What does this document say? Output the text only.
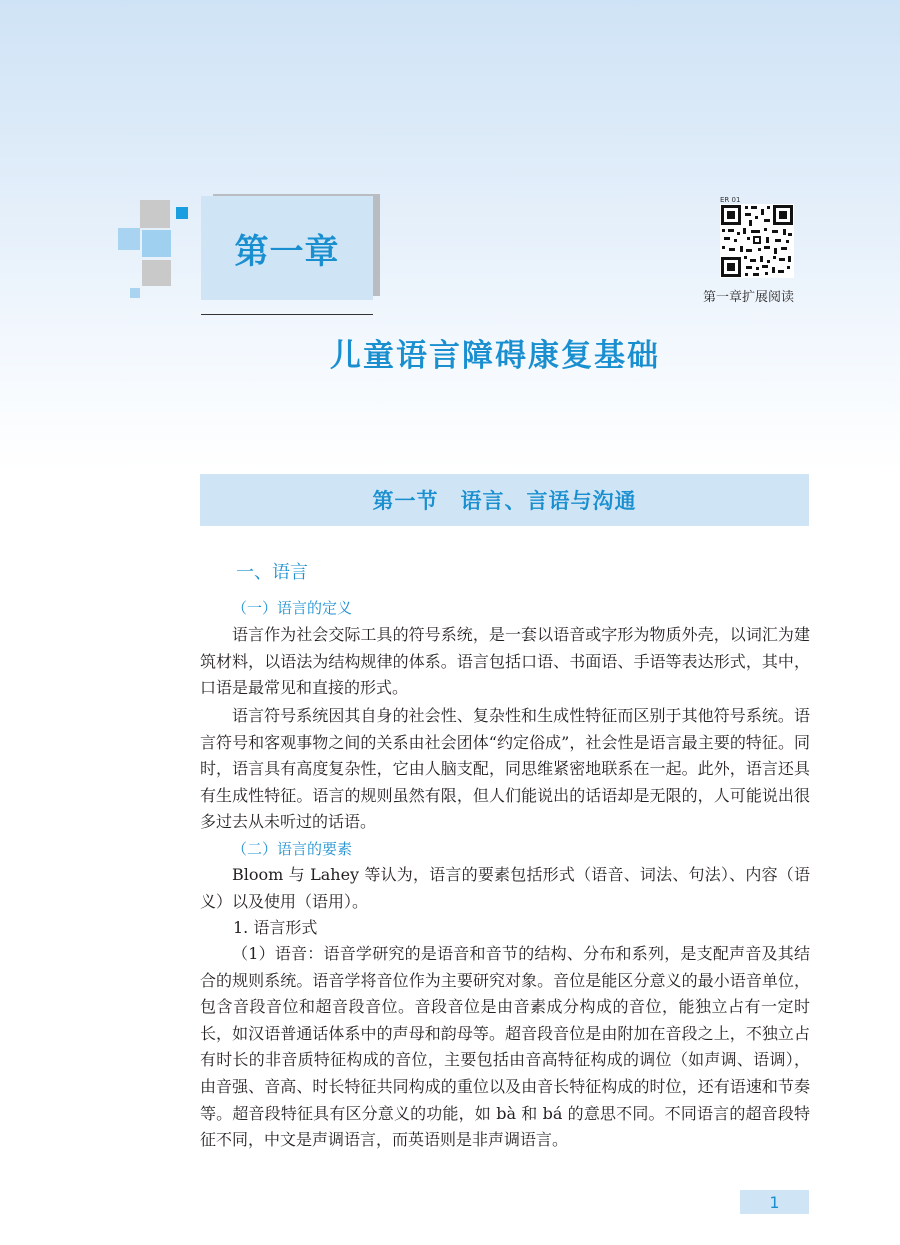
第一章
儿童语言障碍康复基础
ER 01
第一章扩展阅读
第一节　语言、言语与沟通
一、语言
（一）语言的定义

语言作为社会交际工具的符号系统，是一套以语音或字形为物质外壳，以词汇为建筑材料，以语法为结构规律的体系。语言包括口语、书面语、手语等表达形式，其中，口语是最常见和直接的形式。

语言符号系统因其自身的社会性、复杂性和生成性特征而区别于其他符号系统。语言符号和客观事物之间的关系由社会团体“约定俗成”，社会性是语言最主要的特征。同时，语言具有高度复杂性，它由人脑支配，同思维紧密地联系在一起。此外，语言还具有生成性特征。语言的规则虽然有限，但人们能说出的话语却是无限的，人可能说出很多过去从未听过的话语。

（二）语言的要素

Bloom 与 Lahey 等认为，语言的要素包括形式（语音、词法、句法）、内容（语义）以及使用（语用）。

1. 语言形式

（1）语音：语音学研究的是语音和音节的结构、分布和系列，是支配声音及其结合的规则系统。语音学将音位作为主要研究对象。音位是能区分意义的最小语音单位，包含音段音位和超音段音位。音段音位是由音素成分构成的音位，能独立占有一定时长，如汉语普通话体系中的声母和韵母等。超音段音位是由附加在音段之上，不独立占有时长的非音质特征构成的音位，主要包括由音高特征构成的调位（如声调、语调），由音强、音高、时长特征共同构成的重位以及由音长特征构成的时位，还有语速和节奏等。超音段特征具有区分意义的功能，如 bà 和 bá 的意思不同。不同语言的超音段特征不同，中文是声调语言，而英语则是非声调语言。

1
